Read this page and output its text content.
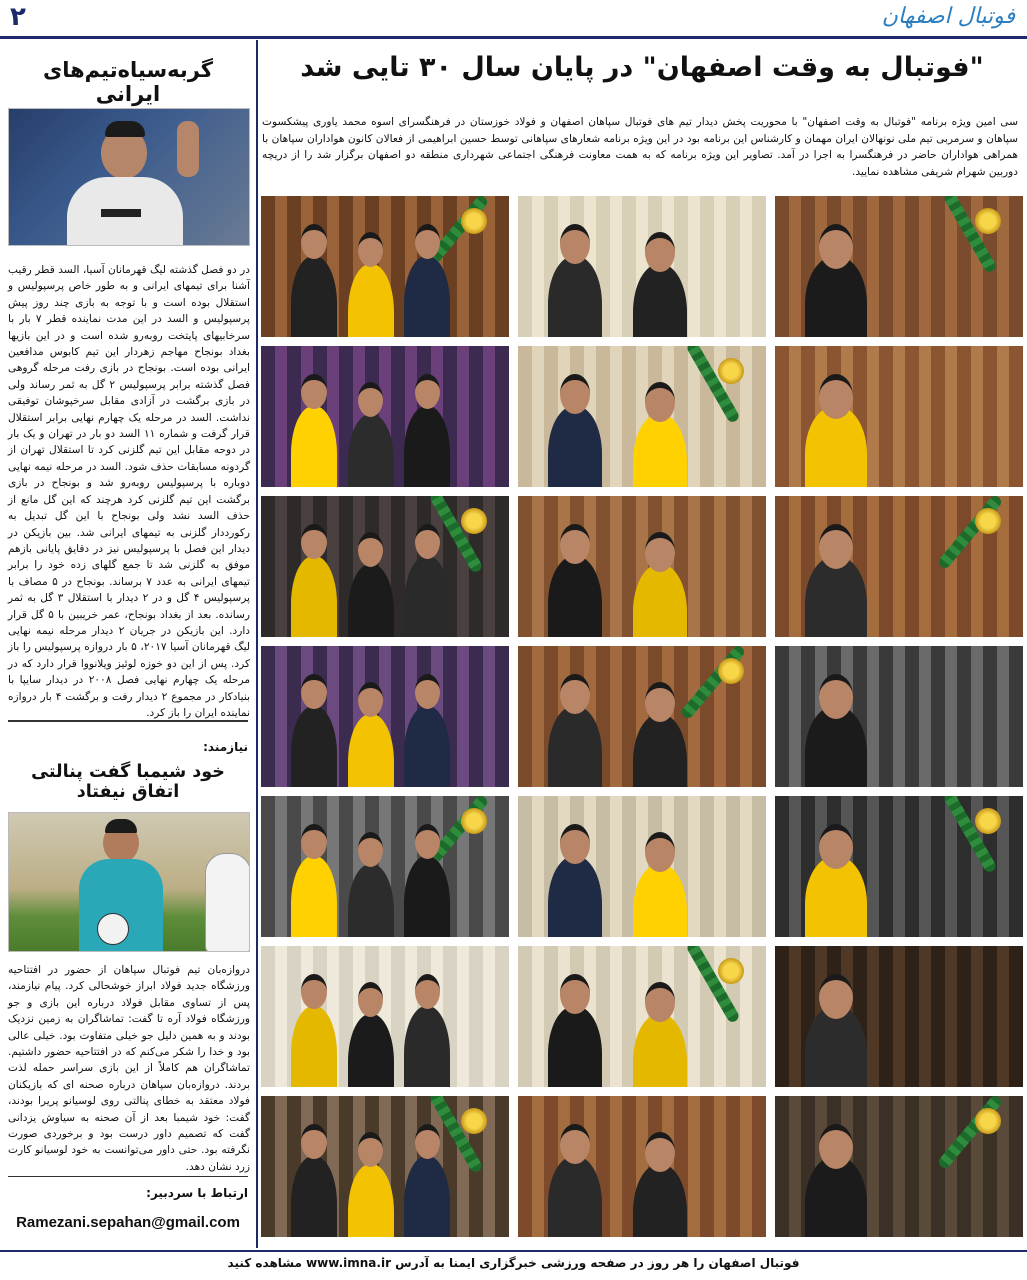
۲	فوتبال اصفهان
گربه‌سیاه‌تیم‌های ایرانی
در دو فصل گذشته لیگ قهرمانان آسیا، السد قطر رقیب آشنا برای تیمهای ایرانی و به طور خاص پرسپولیس و استقلال بوده است و با توجه به بازی چند روز پیش پرسپولیس و السد در این مدت نماینده قطر ۷ بار با سرخابیهای پایتخت روبه‌رو شده است و در این بازیها بغداد بونجاح مهاجم زهردار این تیم کابوس مدافعین ایرانی بوده است. بونجاح در بازی رفت مرحله گروهی فصل گذشته برابر پرسپولیس ۲ گل به ثمر رساند ولی در بازی برگشت در آزادی مقابل سرخپوشان توفیقی نداشت. السد در مرحله یک چهارم نهایی برابر استقلال قرار گرفت و شماره ۱۱ السد دو بار در تهران و یک بار در دوحه مقابل این تیم گلزنی کرد تا استقلال تهران از گردونه مسابقات حذف شود. السد در مرحله نیمه نهایی دوباره با پرسپولیس روبه‌رو شد و بونجاح در بازی برگشت این تیم گلزنی کرد هرچند که این گل مانع از حذف السد نشد ولی بونجاح با این گل تبدیل به رکورددار گلزنی به تیمهای ایرانی شد. بین بازیکن در دیدار این فصل با پرسپولیس نیز در دقایق پایانی بازهم موفق به گلزنی شد تا جمع گلهای زده خود را برابر تیمهای ایرانی به عدد ۷ برساند. بونجاح در ۵ مصاف با پرسپولیس ۴ گل و در ۲ دیدار با استقلال ۳ گل به ثمر رسانده. بعد از بغداد بونجاح، عمر خریبین با ۵ گل قرار دارد. این بازیکن در جریان ۲ دیدار مرحله نیمه نهایی لیگ قهرمانان آسیا ۲۰۱۷، ۵ بار دروازه پرسپولیس را باز کرد. پس از این دو خوزه لوئیز ویلانووا قرار دارد که در مرحله یک چهارم نهایی فصل ۲۰۰۸ در دیدار سایپا با بنیادکار در مجموع ۲ دیدار رفت و برگشت ۴ بار دروازه نماینده ایران را باز کرد.
نیازمند:
خود شیمبا گفت پنالتی اتفاق نیفتاد
دروازه‌بان تیم فوتبال سپاهان از حضور در افتتاحیه ورزشگاه جدید فولاد ابراز خوشحالی کرد. پیام نیازمند، پس از تساوی مقابل فولاد درباره این بازی و جو ورزشگاه فولاد آره تا گفت: تماشاگران به زمین نزدیک بودند و به همین دلیل جو خیلی متفاوت بود. خیلی عالی بود و خدا را شکر می‌کنم که در افتتاحیه حضور داشتیم. تماشاگران هم کاملاً از این بازی سراسر حمله لذت بردند. دروازه‌بان سپاهان درباره صحنه ای که بازیکنان فولاد معتقد به خطای پنالتی روی لوسیانو پریرا بودند، گفت: خود شیمبا بعد از آن صحنه به سیاوش یزدانی گفت که تصمیم داور درست بود و برخوردی صورت نگرفته بود. حتی داور می‌توانست به خود لوسیانو کارت زرد نشان دهد.
ارتباط با سردبیر:
Ramezani.sepahan@gmail.com
"فوتبال به وقت اصفهان" در پایان سال ۳۰ تایی شد
سی امین ویژه برنامه "فوتبال به وقت اصفهان" با محوریت پخش دیدار تیم های فوتبال سپاهان اصفهان و فولاد خوزستان در فرهنگسرای اسوه محمد یاوری پیشکسوت سپاهان و سرمربی تیم ملی نونهالان ایران مهمان و کارشناس این برنامه بود در این ویژه برنامه شعارهای سپاهانی توسط حسین ابراهیمی از فعالان کانون هواداران سپاهان با همراهی هواداران حاضر در فرهنگسرا به اجرا در آمد. تصاویر این ویژه برنامه که به همت معاونت فرهنگی اجتماعی شهرداری منطقه دو اصفهان برگزار شد را از دریچه دوربین شهرام شریفی مشاهده نمایید.
فوتبال اصفهان را هر روز در صفحه ورزشی خبرگزاری ایمنا به آدرس www.imna.ir مشاهده کنید
